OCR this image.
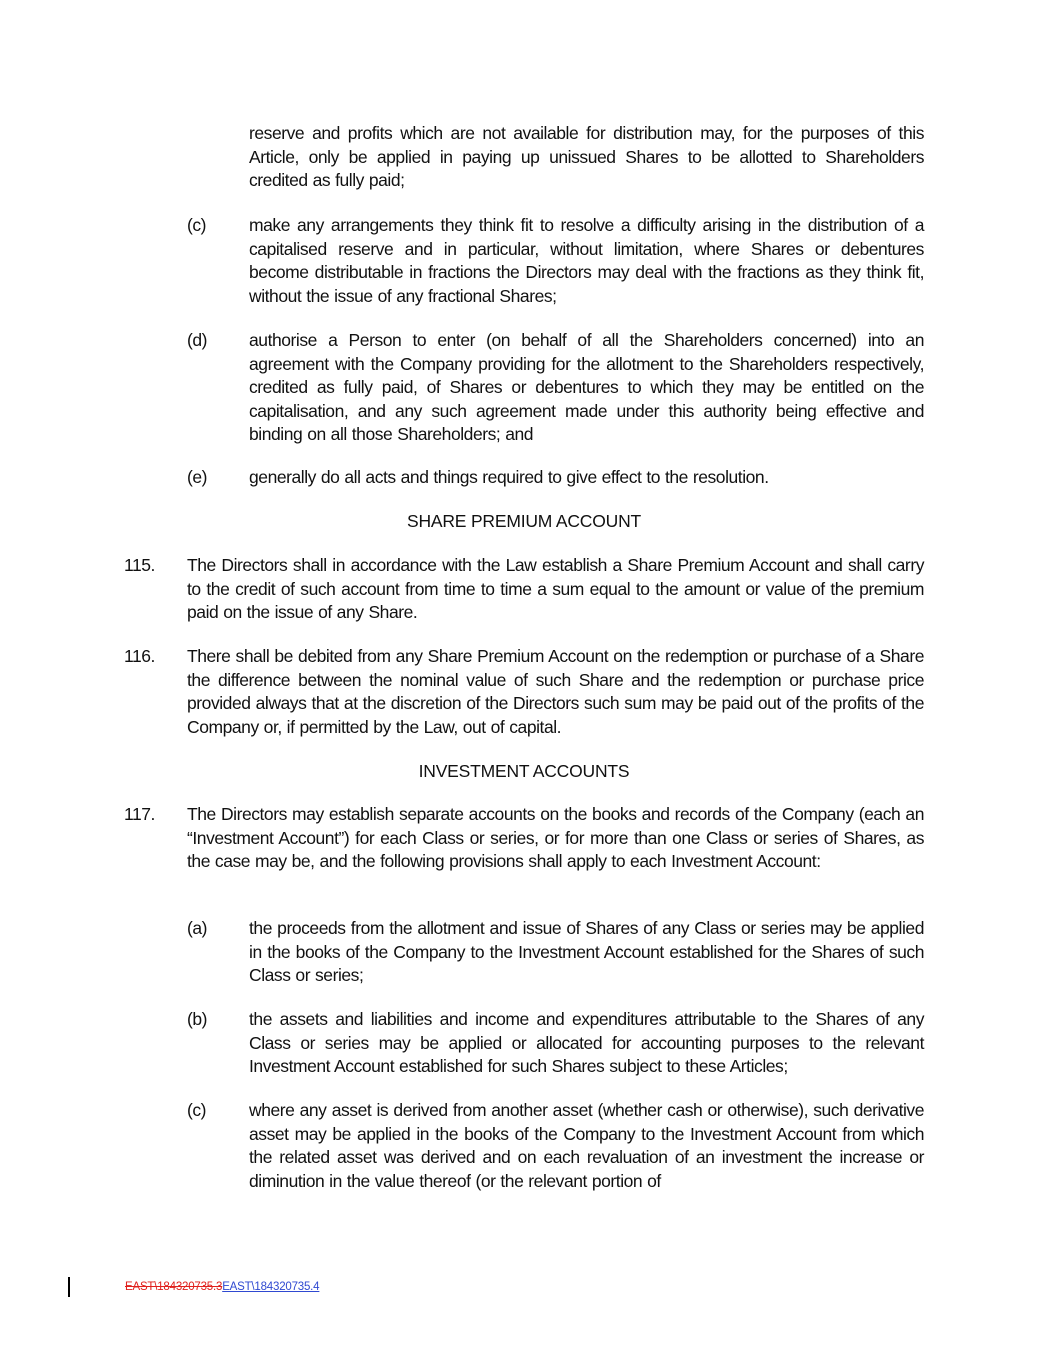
reserve and profits which are not available for distribution may, for the purposes of this Article, only be applied in paying up unissued Shares to be allotted to Shareholders credited as fully paid;
(c) make any arrangements they think fit to resolve a difficulty arising in the distribution of a capitalised reserve and in particular, without limitation, where Shares or debentures become distributable in fractions the Directors may deal with the fractions as they think fit, without the issue of any fractional Shares;
(d) authorise a Person to enter (on behalf of all the Shareholders concerned) into an agreement with the Company providing for the allotment to the Shareholders respectively, credited as fully paid, of Shares or debentures to which they may be entitled on the capitalisation, and any such agreement made under this authority being effective and binding on all those Shareholders; and
(e) generally do all acts and things required to give effect to the resolution.
SHARE PREMIUM ACCOUNT
115. The Directors shall in accordance with the Law establish a Share Premium Account and shall carry to the credit of such account from time to time a sum equal to the amount or value of the premium paid on the issue of any Share.
116. There shall be debited from any Share Premium Account on the redemption or purchase of a Share the difference between the nominal value of such Share and the redemption or purchase price provided always that at the discretion of the Directors such sum may be paid out of the profits of the Company or, if permitted by the Law, out of capital.
INVESTMENT ACCOUNTS
117. The Directors may establish separate accounts on the books and records of the Company (each an “Investment Account”) for each Class or series, or for more than one Class or series of Shares, as the case may be, and the following provisions shall apply to each Investment Account:
(a) the proceeds from the allotment and issue of Shares of any Class or series may be applied in the books of the Company to the Investment Account established for the Shares of such Class or series;
(b) the assets and liabilities and income and expenditures attributable to the Shares of any Class or series may be applied or allocated for accounting purposes to the relevant Investment Account established for such Shares subject to these Articles;
(c) where any asset is derived from another asset (whether cash or otherwise), such derivative asset may be applied in the books of the Company to the Investment Account from which the related asset was derived and on each revaluation of an investment the increase or diminution in the value thereof (or the relevant portion of
EAST\184320735.3EAST\184320735.4
